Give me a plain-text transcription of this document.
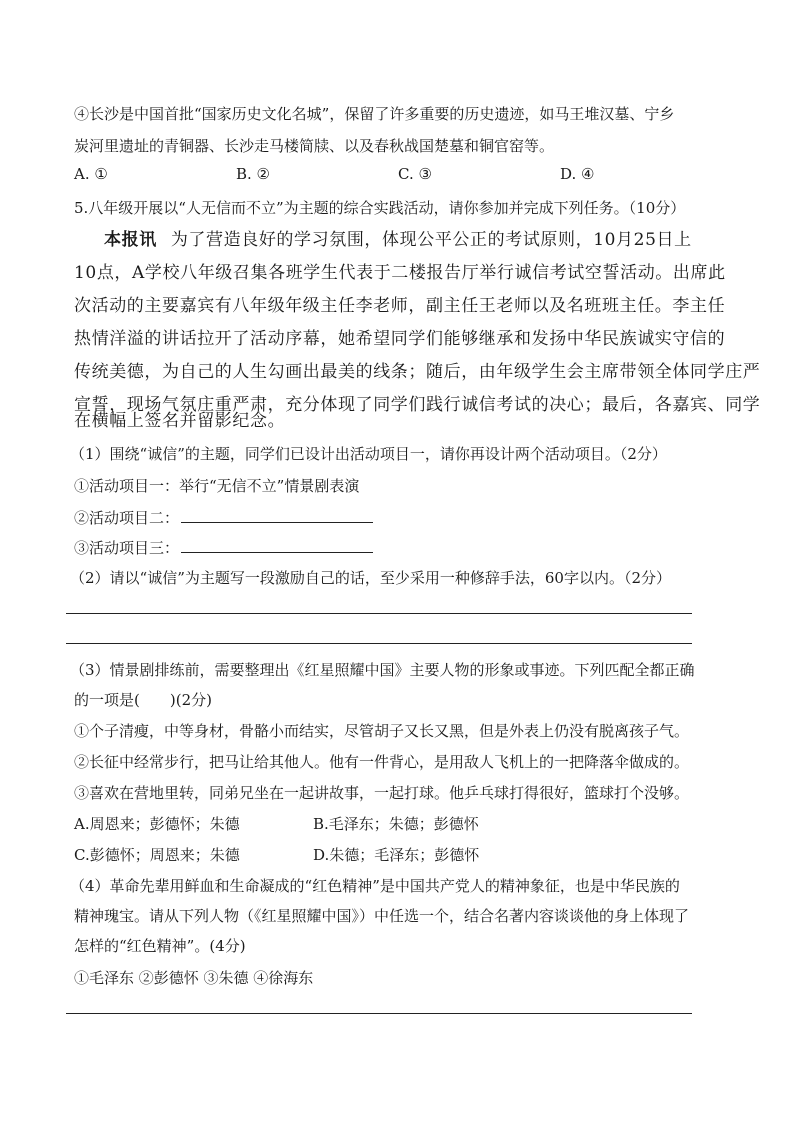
④长沙是中国首批“国家历史文化名城”，保留了许多重要的历史遗迹，如马王堆汉墓、宁乡
炭河里遗址的青铜器、长沙走马楼简牍、以及春秋战国楚墓和铜官窑等。
A. ①	B. ②	C. ③	D. ④
5.八年级开展以“人无信而不立”为主题的综合实践活动，请你参加并完成下列任务。（10分）
本报讯 为了营造良好的学习氛围，体现公平公正的考试原则，10月25日上
10点，A学校八年级召集各班学生代表于二楼报告厅举行诚信考试空誓活动。出席此
次活动的主要嘉宾有八年级年级主任李老师，副主任王老师以及名班班主任。李主任
热情洋溢的讲话拉开了活动序幕，她希望同学们能够继承和发扬中华民族诚实守信的
传统美德，为自己的人生勾画出最美的线条；随后，由年级学生会主席带领全体同学庄严
宣誓，现场气氛庄重严肃，充分体现了同学们践行诚信考试的决心；最后，各嘉宾、同学
在横幅上签名并留影纪念。
（1）围绕“诚信”的主题，同学们已设计出活动项目一，请你再设计两个活动项目。（2分）
①活动项目一：举行“无信不立”情景剧表演
②活动项目二：
③活动项目三：
（2）请以“诚信”为主题写一段激励自己的话，至少采用一种修辞手法，60字以内。（2分）
（3）情景剧排练前，需要整理出《红星照耀中国》主要人物的形象或事迹。下列匹配全都正确
的一项是( )(2分)
①个子清瘦，中等身材，骨骼小而结实，尽管胡子又长又黑，但是外表上仍没有脱离孩子气。
②长征中经常步行，把马让给其他人。他有一件背心，是用敌人飞机上的一把降落伞做成的。
③喜欢在营地里转，同弟兄坐在一起讲故事，一起打球。他乒乓球打得很好，篮球打个没够。
A.周恩来；彭德怀；朱德	B.毛泽东；朱德；彭德怀
C.彭德怀；周恩来；朱德	D.朱德；毛泽东；彭德怀
（4）革命先辈用鲜血和生命凝成的“红色精神”是中国共产党人的精神象征，也是中华民族的
精神瑰宝。请从下列人物（《红星照耀中国》）中任选一个，结合名著内容谈谈他的身上体现了
怎样的“红色精神”。(4分)
①毛泽东 ②彭德怀 ③朱德 ④徐海东
